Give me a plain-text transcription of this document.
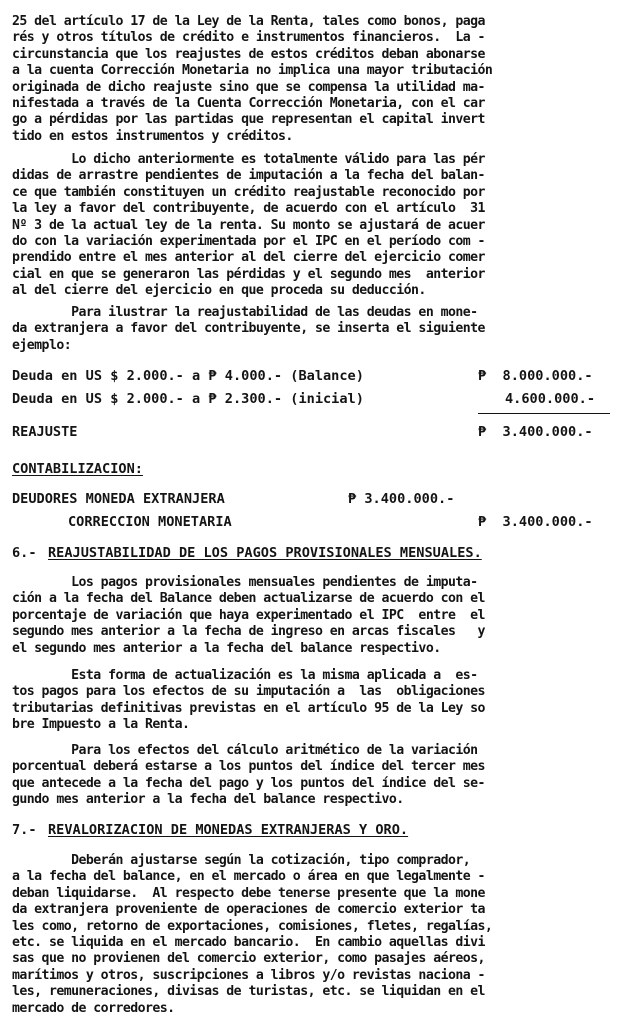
25 del artículo 17 de la Ley de la Renta, tales como bonos, paga
rés y otros títulos de crédito e instrumentos financieros.  La -
circunstancia que los reajustes de estos créditos deban abonarse
a la cuenta Corrección Monetaria no implica una mayor tributación
originada de dicho reajuste sino que se compensa la utilidad ma-
nifestada a través de la Cuenta Corrección Monetaria, con el car
go a pérdidas por las partidas que representan el capital invert
tido en estos instrumentos y créditos.
Lo dicho anteriormente es totalmente válido para las pér
didas de arrastre pendientes de imputación a la fecha del balan-
ce que también constituyen un crédito reajustable reconocido por
la ley a favor del contribuyente, de acuerdo con el artículo  31
Nº 3 de la actual ley de la renta. Su monto se ajustará de acuer
do con la variación experimentada por el IPC en el período com -
prendido entre el mes anterior al del cierre del ejercicio comer
cial en que se generaron las pérdidas y el segundo mes  anterior
al del cierre del ejercicio en que proceda su deducción.
Para ilustrar la reajustabilidad de las deudas en mone-
da extranjera a favor del contribuyente, se inserta el siguiente
ejemplo:
Deuda en US $ 2.000.- a ₱ 4.000.- (Balance)	₱  8.000.000.-
Deuda en US $ 2.000.- a ₱ 2.300.- (inicial)	4.600.000.-
REAJUSTE	₱  3.400.000.-
CONTABILIZACION:
DEUDORES MONEDA EXTRANJERA	₱ 3.400.000.-
CORRECCION MONETARIA	₱  3.400.000.-
6.- REAJUSTABILIDAD DE LOS PAGOS PROVISIONALES MENSUALES.
Los pagos provisionales mensuales pendientes de imputa-
ción a la fecha del Balance deben actualizarse de acuerdo con el
porcentaje de variación que haya experimentado el IPC  entre  el
segundo mes anterior a la fecha de ingreso en arcas fiscales   y
el segundo mes anterior a la fecha del balance respectivo.
Esta forma de actualización es la misma aplicada a  es-
tos pagos para los efectos de su imputación a  las  obligaciones
tributarias definitivas previstas en el artículo 95 de la Ley so
bre Impuesto a la Renta.
Para los efectos del cálculo aritmético de la variación
porcentual deberá estarse a los puntos del índice del tercer mes
que antecede a la fecha del pago y los puntos del índice del se-
gundo mes anterior a la fecha del balance respectivo.
7.- REVALORIZACION DE MONEDAS EXTRANJERAS Y ORO.
Deberán ajustarse según la cotización, tipo comprador,
a la fecha del balance, en el mercado o área en que legalmente -
deban liquidarse.  Al respecto debe tenerse presente que la mone
da extranjera proveniente de operaciones de comercio exterior ta
les como, retorno de exportaciones, comisiones, fletes, regalías,
etc. se liquida en el mercado bancario.  En cambio aquellas divi
sas que no provienen del comercio exterior, como pasajes aéreos,
marítimos y otros, suscripciones a libros y/o revistas naciona -
les, remuneraciones, divisas de turistas, etc. se liquidan en el
mercado de corredores.
